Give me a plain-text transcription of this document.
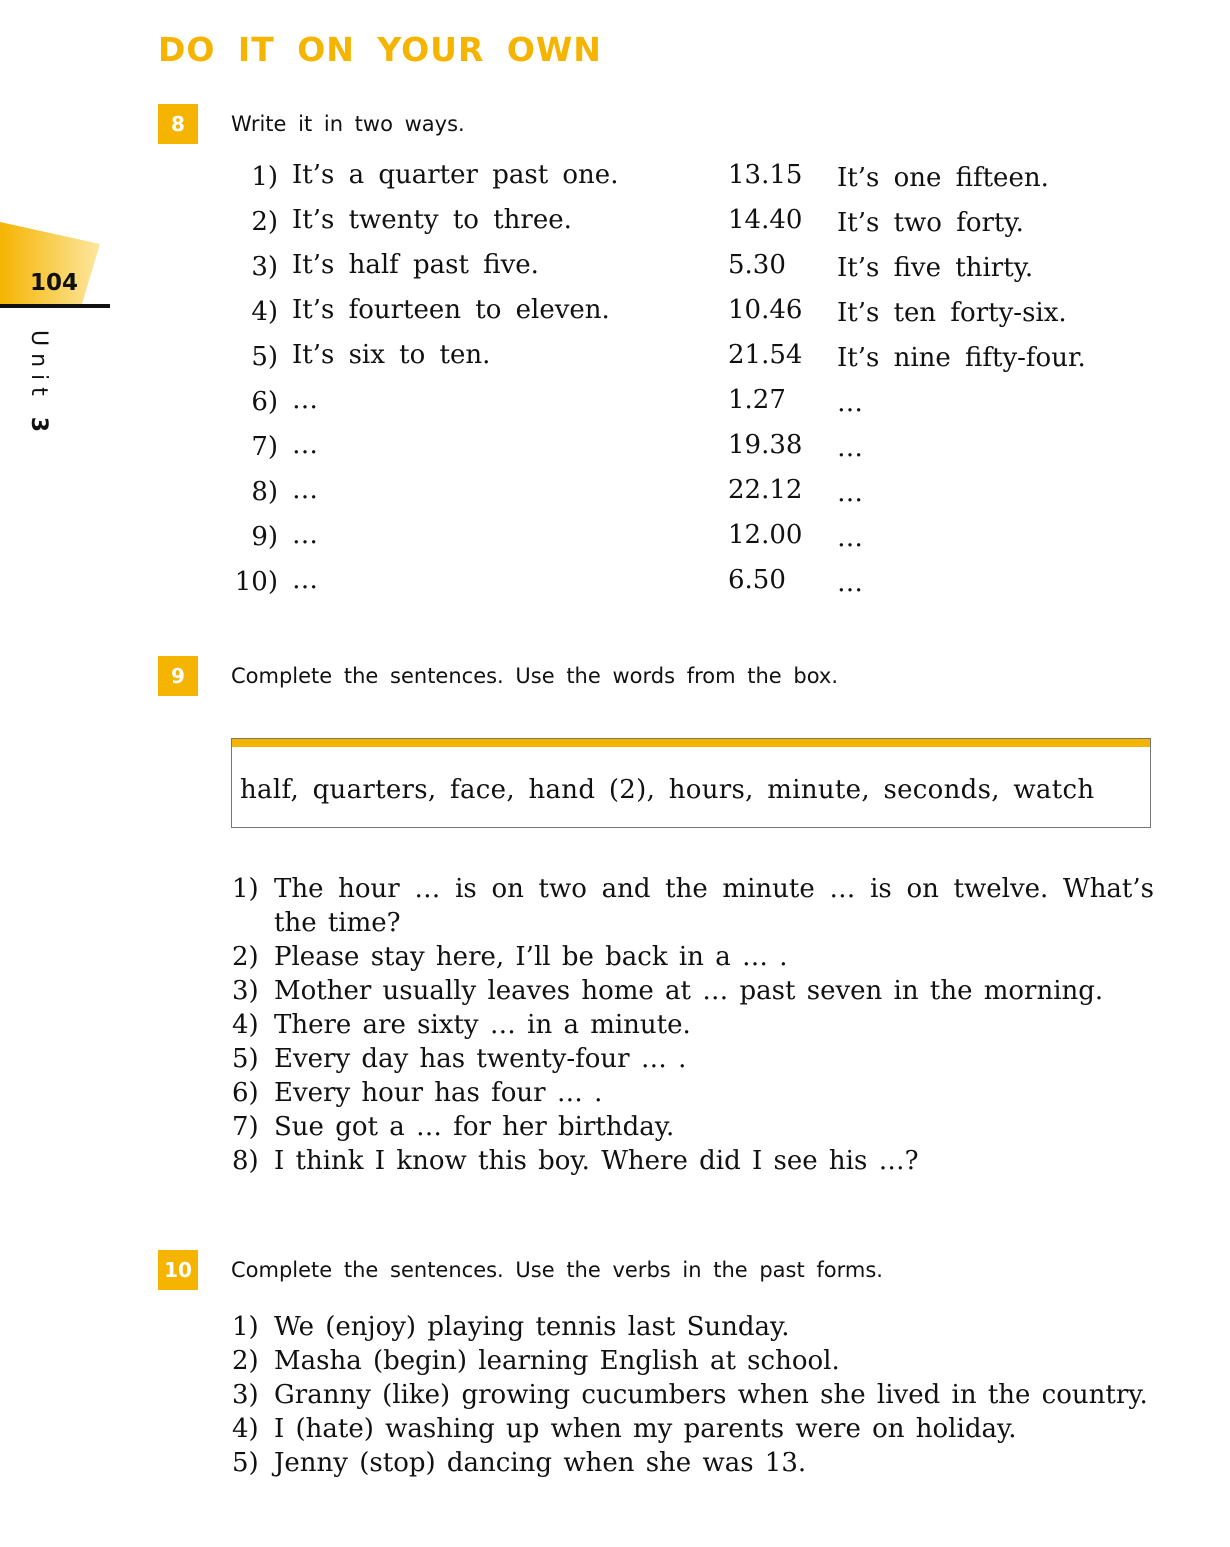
104
Unit 3
DO IT ON YOUR OWN
8	Write it in two ways.
1) It’s a quarter past one.	13.15 It’s one fifteen.
2) It’s twenty to three.	14.40 It’s two forty.
3) It’s half past five.	5.30 It’s five thirty.
4) It’s fourteen to eleven.	10.46 It’s ten forty-six.
5) It’s six to ten.	21.54 It’s nine fifty-four.
6) …	1.27 …
7) …	19.38 …
8) …	22.12 …
9) …	12.00 …
10) …	6.50 …
9	Complete the sentences. Use the words from the box.
half, quarters, face, hand (2), hours, minute, seconds, watch
1) The hour … is on two and the minute … is on twelve. What’s the time?
2) Please stay here, I’ll be back in a … .
3) Mother usually leaves home at … past seven in the morning.
4) There are sixty … in a minute.
5) Every day has twenty-four … .
6) Every hour has four … .
7) Sue got a … for her birthday.
8) I think I know this boy. Where did I see his …?
10 Complete the sentences. Use the verbs in the past forms.
1) We (enjoy) playing tennis last Sunday.
2) Masha (begin) learning English at school.
3) Granny (like) growing cucumbers when she lived in the country.
4) I (hate) washing up when my parents were on holiday.
5) Jenny (stop) dancing when she was 13.
